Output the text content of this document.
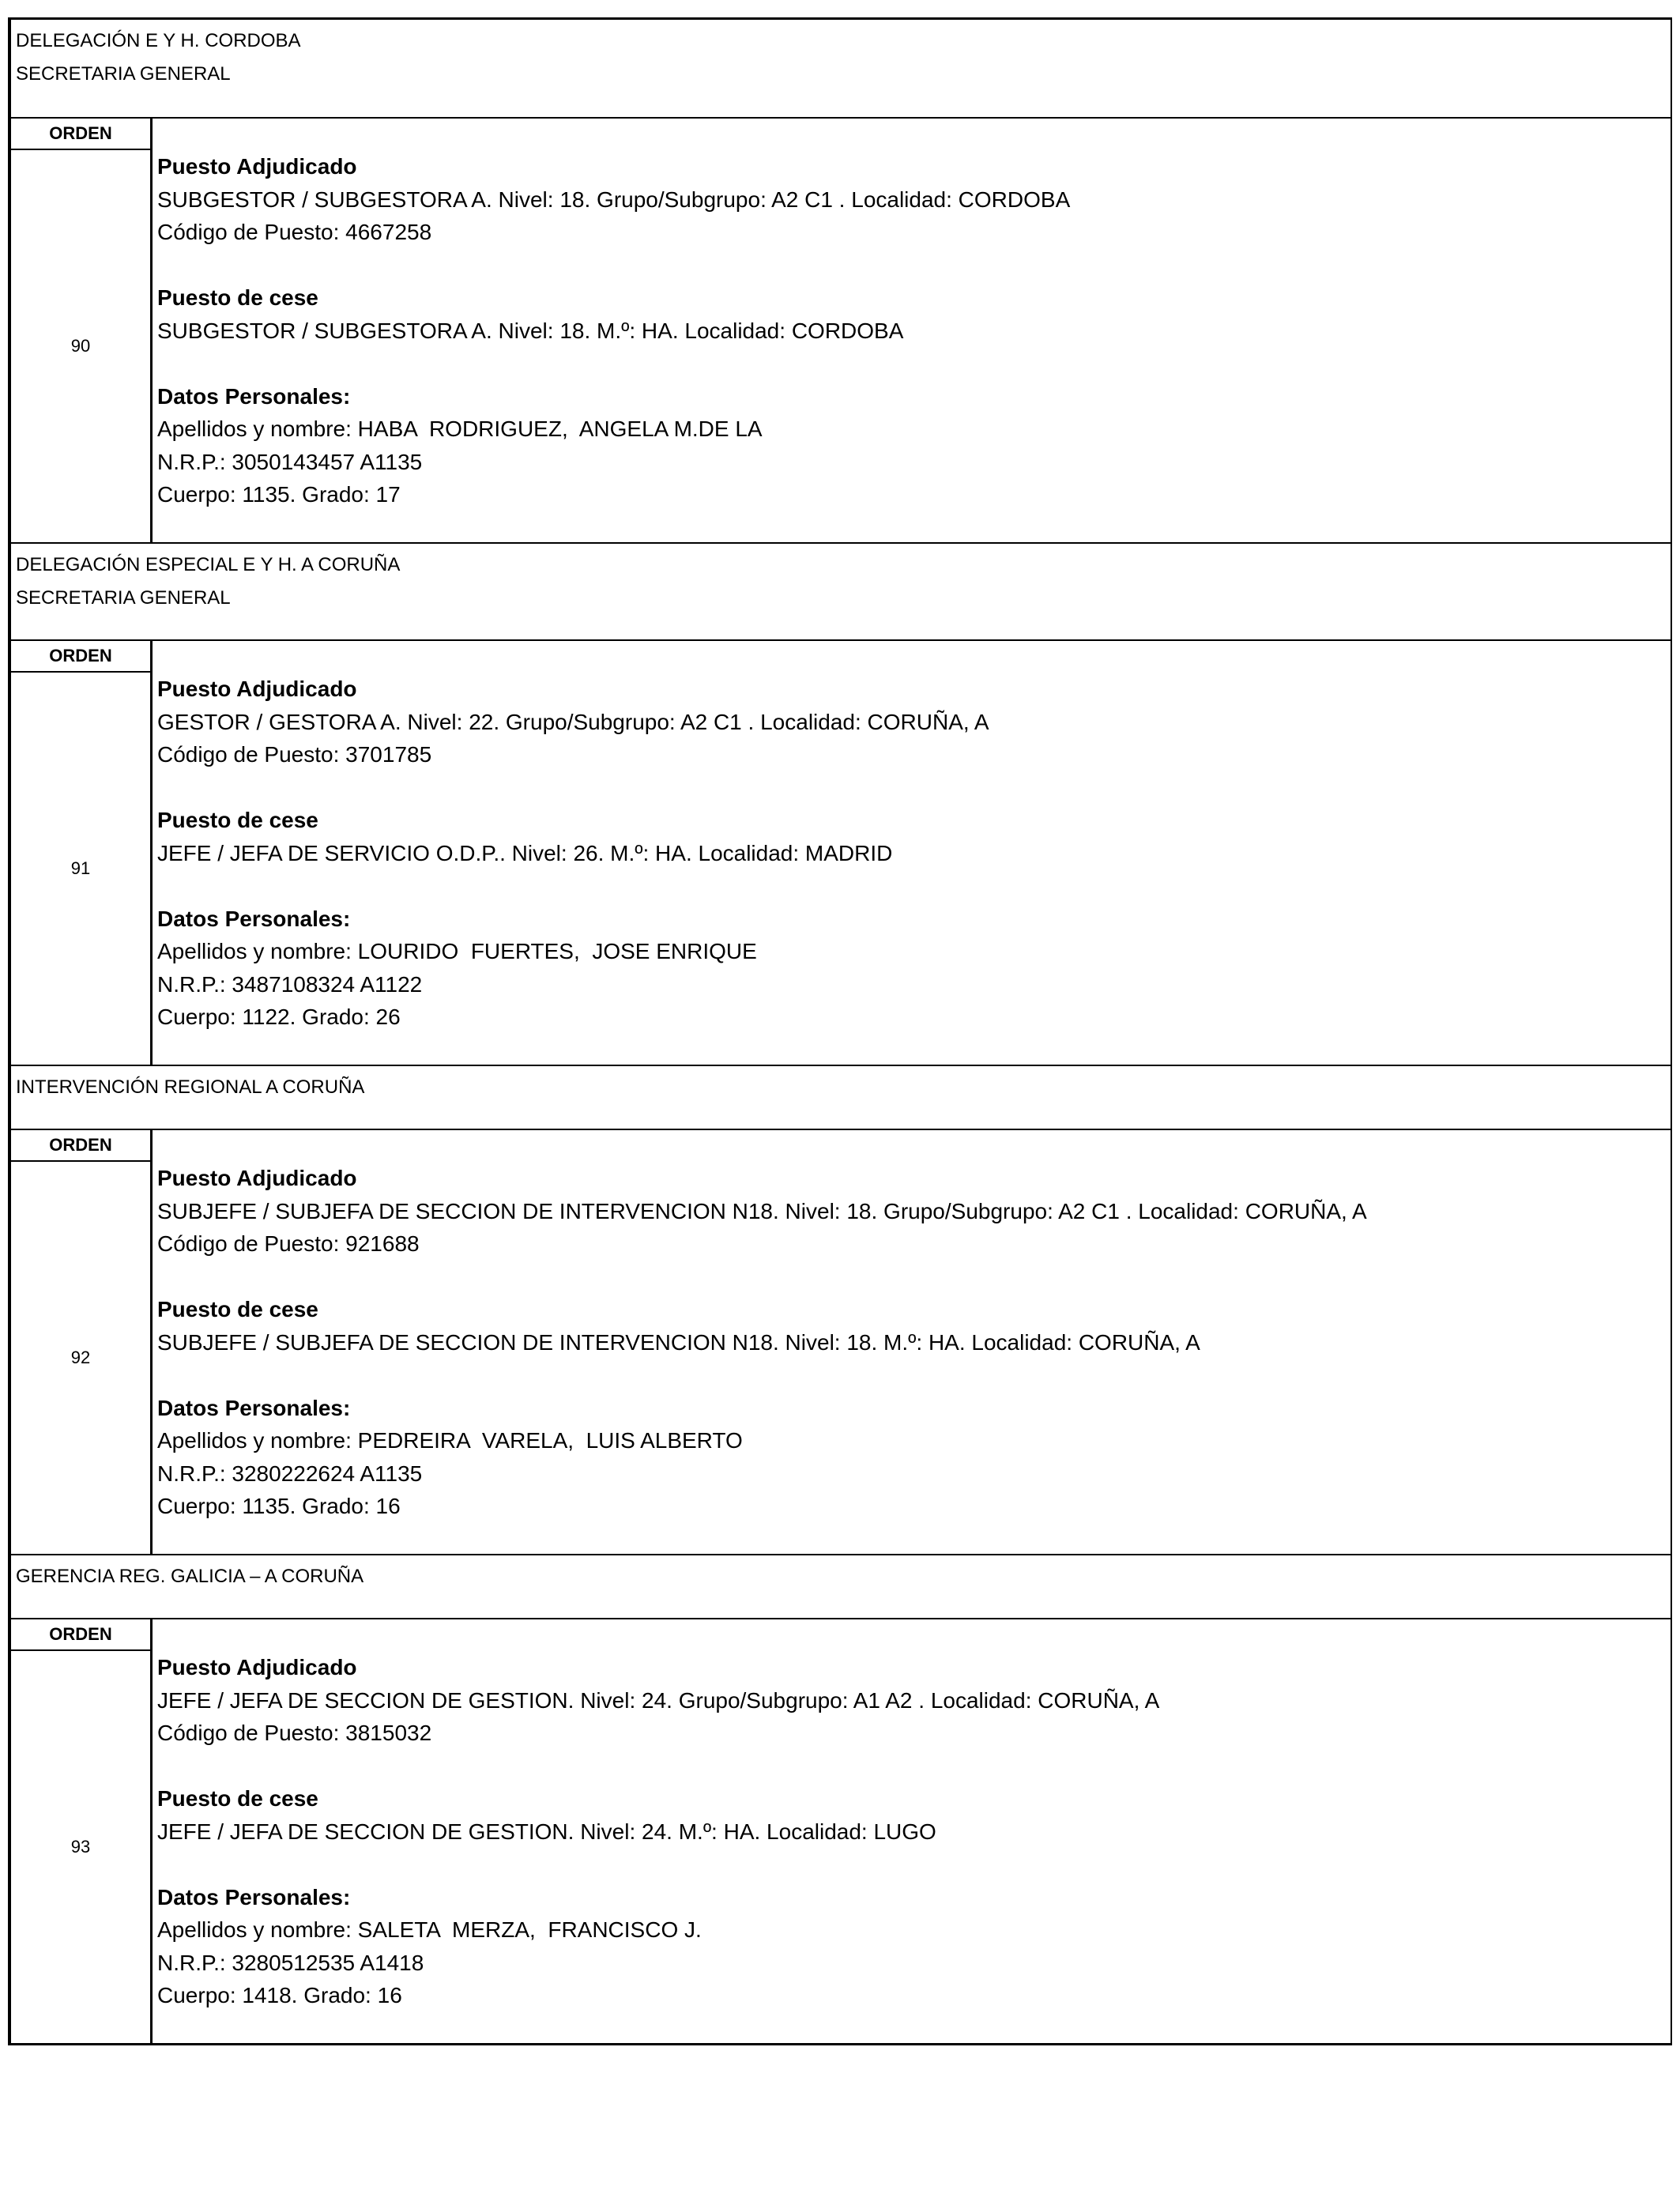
DELEGACIÓN E Y H. CORDOBA
SECRETARIA GENERAL
ORDEN
90
Puesto Adjudicado
SUBGESTOR / SUBGESTORA A. Nivel: 18. Grupo/Subgrupo: A2 C1 . Localidad: CORDOBA
Código de Puesto: 4667258
Puesto de cese
SUBGESTOR / SUBGESTORA A. Nivel: 18. M.º: HA. Localidad: CORDOBA
Datos Personales:
Apellidos y nombre: HABA  RODRIGUEZ,  ANGELA M.DE LA
N.R.P.: 3050143457 A1135
Cuerpo: 1135. Grado: 17
DELEGACIÓN ESPECIAL E Y H. A CORUÑA
SECRETARIA GENERAL
ORDEN
91
Puesto Adjudicado
GESTOR / GESTORA A. Nivel: 22. Grupo/Subgrupo: A2 C1 . Localidad: CORUÑA, A
Código de Puesto: 3701785
Puesto de cese
JEFE / JEFA DE SERVICIO O.D.P.. Nivel: 26. M.º: HA. Localidad: MADRID
Datos Personales:
Apellidos y nombre: LOURIDO  FUERTES,  JOSE ENRIQUE
N.R.P.: 3487108324 A1122
Cuerpo: 1122. Grado: 26
INTERVENCIÓN REGIONAL A CORUÑA
ORDEN
92
Puesto Adjudicado
SUBJEFE / SUBJEFA DE SECCION DE INTERVENCION N18. Nivel: 18. Grupo/Subgrupo: A2 C1 . Localidad: CORUÑA, A
Código de Puesto: 921688
Puesto de cese
SUBJEFE / SUBJEFA DE SECCION DE INTERVENCION N18. Nivel: 18. M.º: HA. Localidad: CORUÑA, A
Datos Personales:
Apellidos y nombre: PEDREIRA  VARELA,  LUIS ALBERTO
N.R.P.: 3280222624 A1135
Cuerpo: 1135. Grado: 16
GERENCIA REG. GALICIA – A CORUÑA
ORDEN
93
Puesto Adjudicado
JEFE / JEFA DE SECCION DE GESTION. Nivel: 24. Grupo/Subgrupo: A1 A2 . Localidad: CORUÑA, A
Código de Puesto: 3815032
Puesto de cese
JEFE / JEFA DE SECCION DE GESTION. Nivel: 24. M.º: HA. Localidad: LUGO
Datos Personales:
Apellidos y nombre: SALETA  MERZA,  FRANCISCO J.
N.R.P.: 3280512535 A1418
Cuerpo: 1418. Grado: 16
